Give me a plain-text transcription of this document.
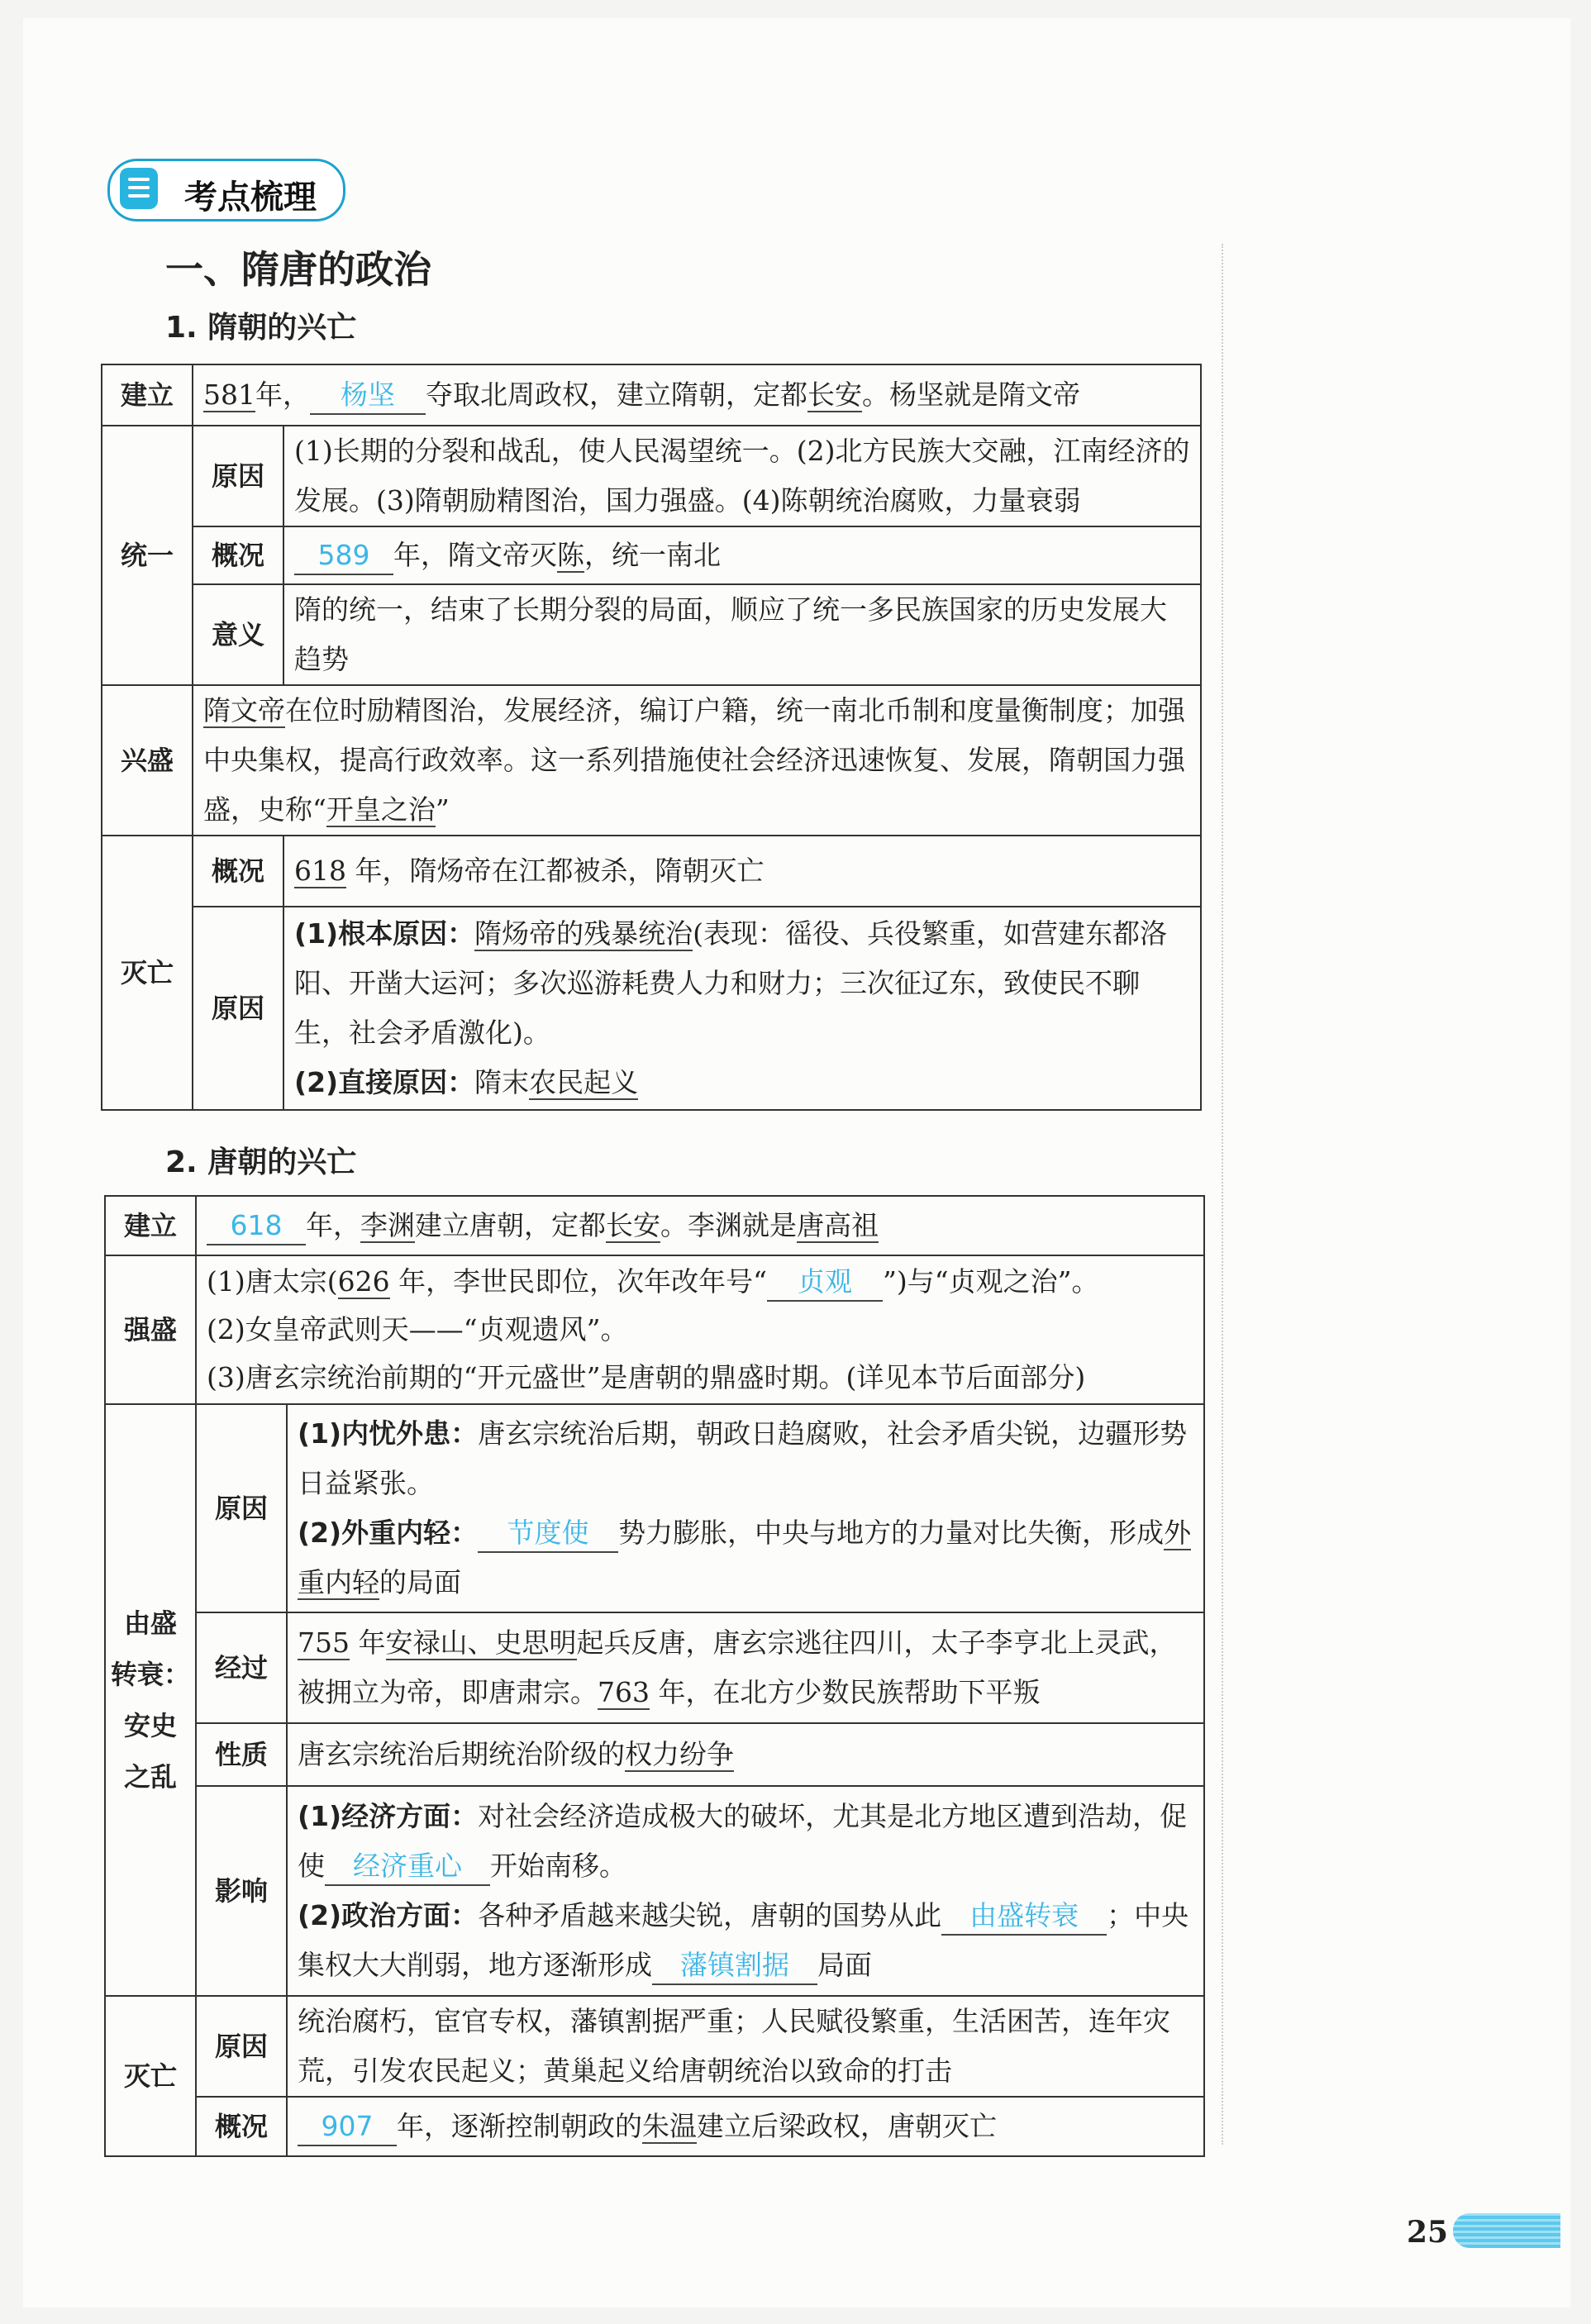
考点梳理
一、隋唐的政治
1. 隋朝的兴亡
建立	581年， 杨坚 夺取北周政权，建立隋朝，定都长安。杨坚就是隋文帝	
统一	原因	(1)长期的分裂和战乱，使人民渴望统一。(2)北方民族大交融，江南经济的发展。(3)隋朝励精图治，国力强盛。(4)陈朝统治腐败，力量衰弱
	概况	589 年，隋文帝灭陈，统一南北
	意义	隋的统一，结束了长期分裂的局面，顺应了统一多民族国家的历史发展大趋势
兴盛	隋文帝在位时励精图治，发展经济，编订户籍，统一南北币制和度量衡制度；加强中央集权，提高行政效率。这一系列措施使社会经济迅速恢复、发展，隋朝国力强盛，史称“开皇之治”	
灭亡	概况	618 年，隋炀帝在江都被杀，隋朝灭亡
	原因	(1)根本原因：隋炀帝的残暴统治(表现：徭役、兵役繁重，如营建东都洛阳、开凿大运河；多次巡游耗费人力和财力；三次征辽东，致使民不聊生，社会矛盾激化)。
(2)直接原因：隋末农民起义
2. 唐朝的兴亡
建立	618 年，李渊建立唐朝，定都长安。李渊就是唐高祖	
强盛	(1)唐太宗(626 年，李世民即位，次年改年号“ 贞观 ”)与“贞观之治”。
(2)女皇帝武则天——“贞观遗风”。
(3)唐玄宗统治前期的“开元盛世”是唐朝的鼎盛时期。(详见本节后面部分)	
由盛
转衰：
安史
之乱	原因	(1)内忧外患：唐玄宗统治后期，朝政日趋腐败，社会矛盾尖锐，边疆形势日益紧张。
(2)外重内轻： 节度使 势力膨胀，中央与地方的力量对比失衡，形成外重内轻的局面
	经过	755 年安禄山、史思明起兵反唐，唐玄宗逃往四川，太子李亨北上灵武，被拥立为帝，即唐肃宗。763 年，在北方少数民族帮助下平叛
	性质	唐玄宗统治后期统治阶级的权力纷争
	影响	(1)经济方面：对社会经济造成极大的破坏，尤其是北方地区遭到浩劫，促使 经济重心 开始南移。
(2)政治方面：各种矛盾越来越尖锐，唐朝的国势从此 由盛转衰 ；中央集权大大削弱，地方逐渐形成 藩镇割据 局面
灭亡	原因	统治腐朽，宦官专权，藩镇割据严重；人民赋役繁重，生活困苦，连年灾荒，引发农民起义；黄巢起义给唐朝统治以致命的打击
	概况	907 年，逐渐控制朝政的朱温建立后梁政权，唐朝灭亡
25
